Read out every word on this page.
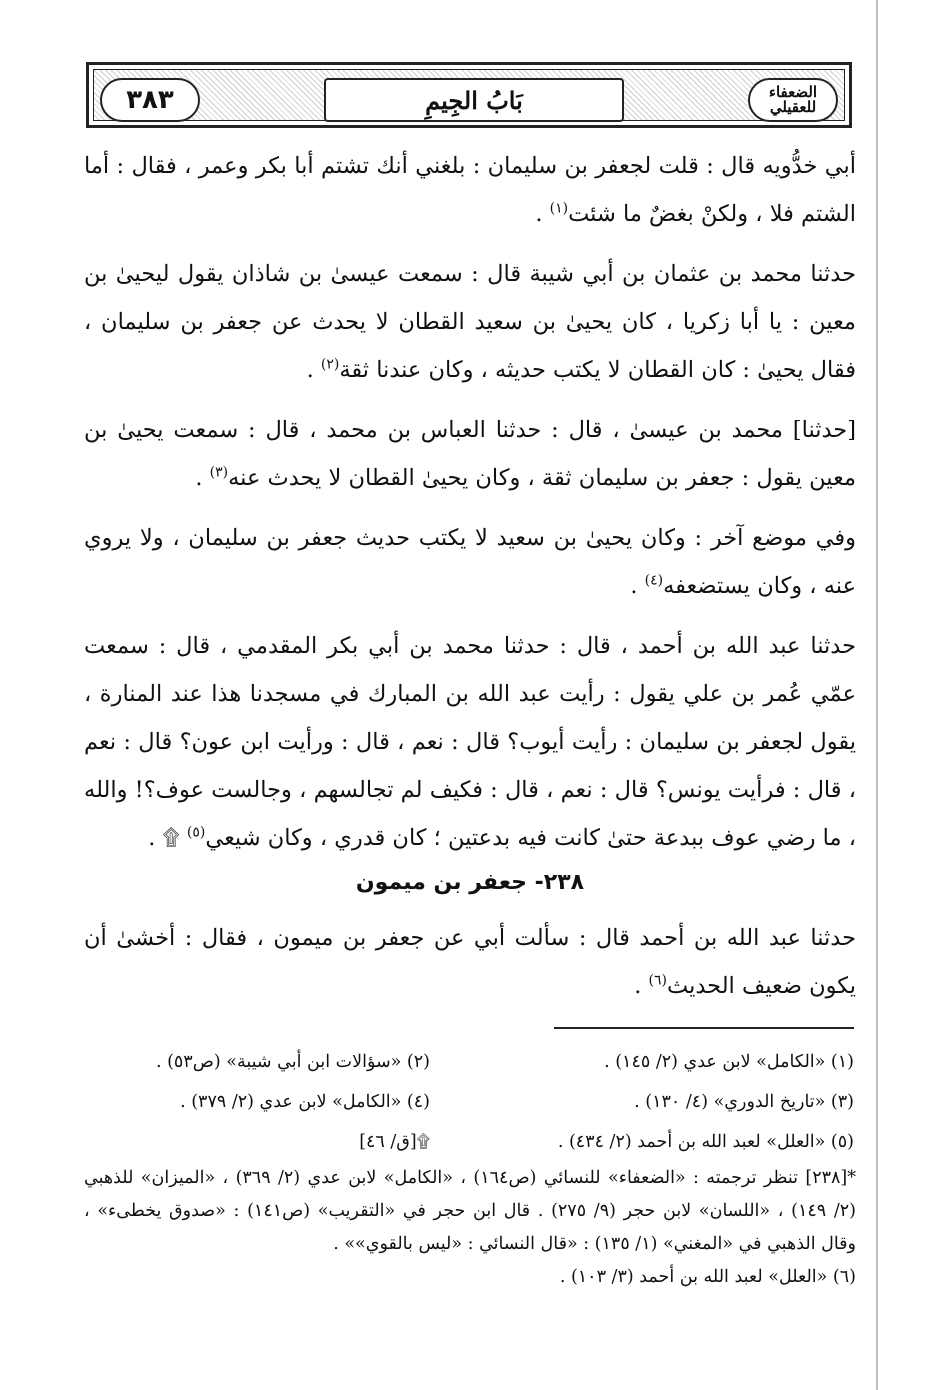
٣٨٣	بَابُ الجِيمِ	الضعفاء
للعقيلي

أبي خدُّويه قال : قلت لجعفر بن سليمان : بلغني أنك تشتم أبا بكر وعمر ، فقال : أما الشتم فلا ، ولكنْ بغضٌ ما شئت$^{(١)}$ .

حدثنا محمد بن عثمان بن أبي شيبة قال : سمعت عيسىٰ بن شاذان يقول ليحيىٰ بن معين : يا أبا زكريا ، كان يحيىٰ بن سعيد القطان لا يحدث عن جعفر بن سليمان ، فقال يحيىٰ : كان القطان لا يكتب حديثه ، وكان عندنا ثقة$^{(٢)}$ .

[حدثنا] محمد بن عيسىٰ ، قال : حدثنا العباس بن محمد ، قال : سمعت يحيىٰ بن معين يقول : جعفر بن سليمان ثقة ، وكان يحيىٰ القطان لا يحدث عنه$^{(٣)}$ .

وفي موضع آخر : وكان يحيىٰ بن سعيد لا يكتب حديث جعفر بن سليمان ، ولا يروي عنه ، وكان يستضعفه$^{(٤)}$ .

حدثنا عبد الله بن أحمد ، قال : حدثنا محمد بن أبي بكر المقدمي ، قال : سمعت عمّي عُمر بن علي يقول : رأيت عبد الله بن المبارك في مسجدنا هذا عند المنارة ، يقول لجعفر بن سليمان : رأيت أيوب؟ قال : نعم ، قال : ورأيت ابن عون؟ قال : نعم ، قال : فرأيت يونس؟ قال : نعم ، قال : فكيف لم تجالسهم ، وجالست عوف؟! والله ، ما رضي عوف ببدعة حتىٰ كانت فيه بدعتين ؛ كان قدري ، وكان شيعي$^{(٥)}$ ۩ .

٢٣٨- جعفر بن ميمون

حدثنا عبد الله بن أحمد قال : سألت أبي عن جعفر بن ميمون ، فقال : أخشىٰ أن يكون ضعيف الحديث$^{(٦)}$ .

(١) «الكامل» لابن عدي (٢/ ١٤٥) .
(٢) «سؤالات ابن أبي شيبة» (ص٥٣) .
(٣) «تاريخ الدوري» (٤/ ١٣٠) .
(٤) «الكامل» لابن عدي (٢/ ٣٧٩) .
(٥) «العلل» لعبد الله بن أحمد (٢/ ٤٣٤) .
۩[ق/ ٤٦]

*[٢٣٨] تنظر ترجمته : «الضعفاء» للنسائي (ص١٦٤) ، «الكامل» لابن عدي (٢/ ٣٦٩) ، «الميزان» للذهبي (٢/ ١٤٩) ، «اللسان» لابن حجر (٩/ ٢٧٥) . قال ابن حجر في «التقريب» (ص١٤١) : «صدوق يخطىء» ، وقال الذهبي في «المغني» (١/ ١٣٥) : «قال النسائي : «ليس بالقوي»» .

(٦) «العلل» لعبد الله بن أحمد (٣/ ١٠٣) .
